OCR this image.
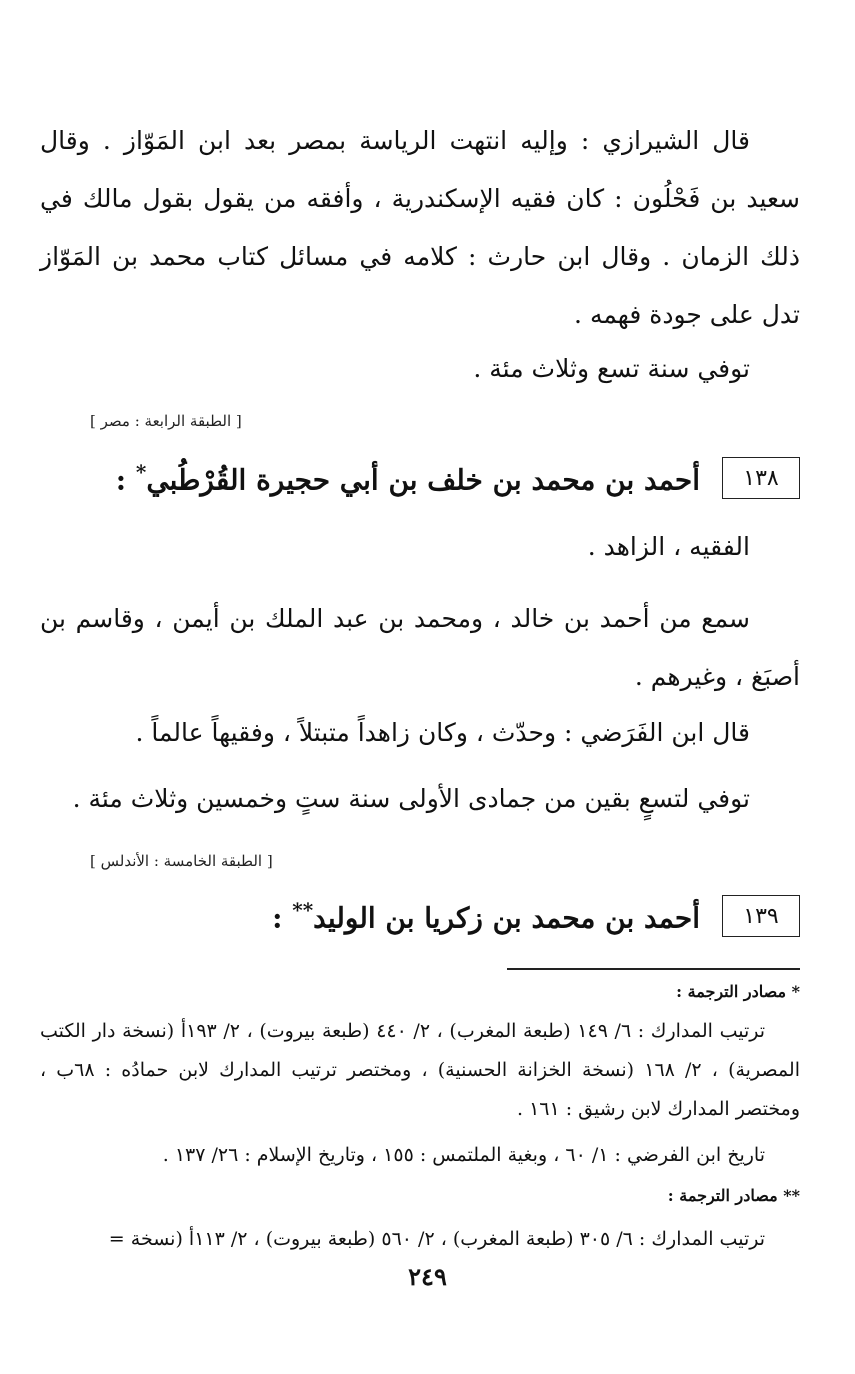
قال الشيرازي : وإليه انتهت الرياسة بمصر بعد ابن المَوّاز . وقال سعيد بن فَحْلُون : كان فقيه الإسكندرية ، وأفقه من يقول بقول مالك في ذلك الزمان . وقال ابن حارث : كلامه في مسائل كتاب محمد بن المَوّاز تدل على جودة فهمه .

توفي سنة تسع وثلاث مئة .

[ الطبقة الرابعة : مصر ]
١٣٨
أحمد بن محمد بن خلف بن أبي حجيرة القُرْطُبي* :

الفقيه ، الزاهد .

سمع من أحمد بن خالد ، ومحمد بن عبد الملك بن أيمن ، وقاسم بن أصبَغ ، وغيرهم .

قال ابن الفَرَضي : وحدّث ، وكان زاهداً متبتلاً ، وفقيهاً عالماً .

توفي لتسعٍ بقين من جمادى الأولى سنة ستٍ وخمسين وثلاث مئة .

[ الطبقة الخامسة : الأندلس ]
١٣٩
أحمد بن محمد بن زكريا بن الوليد** :
* مصادر الترجمة :

ترتيب المدارك : ٦/ ١٤٩ (طبعة المغرب) ، ٢/ ٤٤٠ (طبعة بيروت) ، ٢/ ١٩٣أ (نسخة دار الكتب المصرية) ، ٢/ ١٦٨ (نسخة الخزانة الحسنية) ، ومختصر ترتيب المدارك لابن حمادُه : ٦٨ب ، ومختصر المدارك لابن رشيق : ١٦١ .

تاريخ ابن الفرضي : ١/ ٦٠ ، وبغية الملتمس : ١٥٥ ، وتاريخ الإسلام : ٢٦/ ١٣٧ .

** مصادر الترجمة :

ترتيب المدارك : ٦/ ٣٠٥ (طبعة المغرب) ، ٢/ ٥٦٠ (طبعة بيروت) ، ٢/ ١١٣أ (نسخة =

٢٤٩
